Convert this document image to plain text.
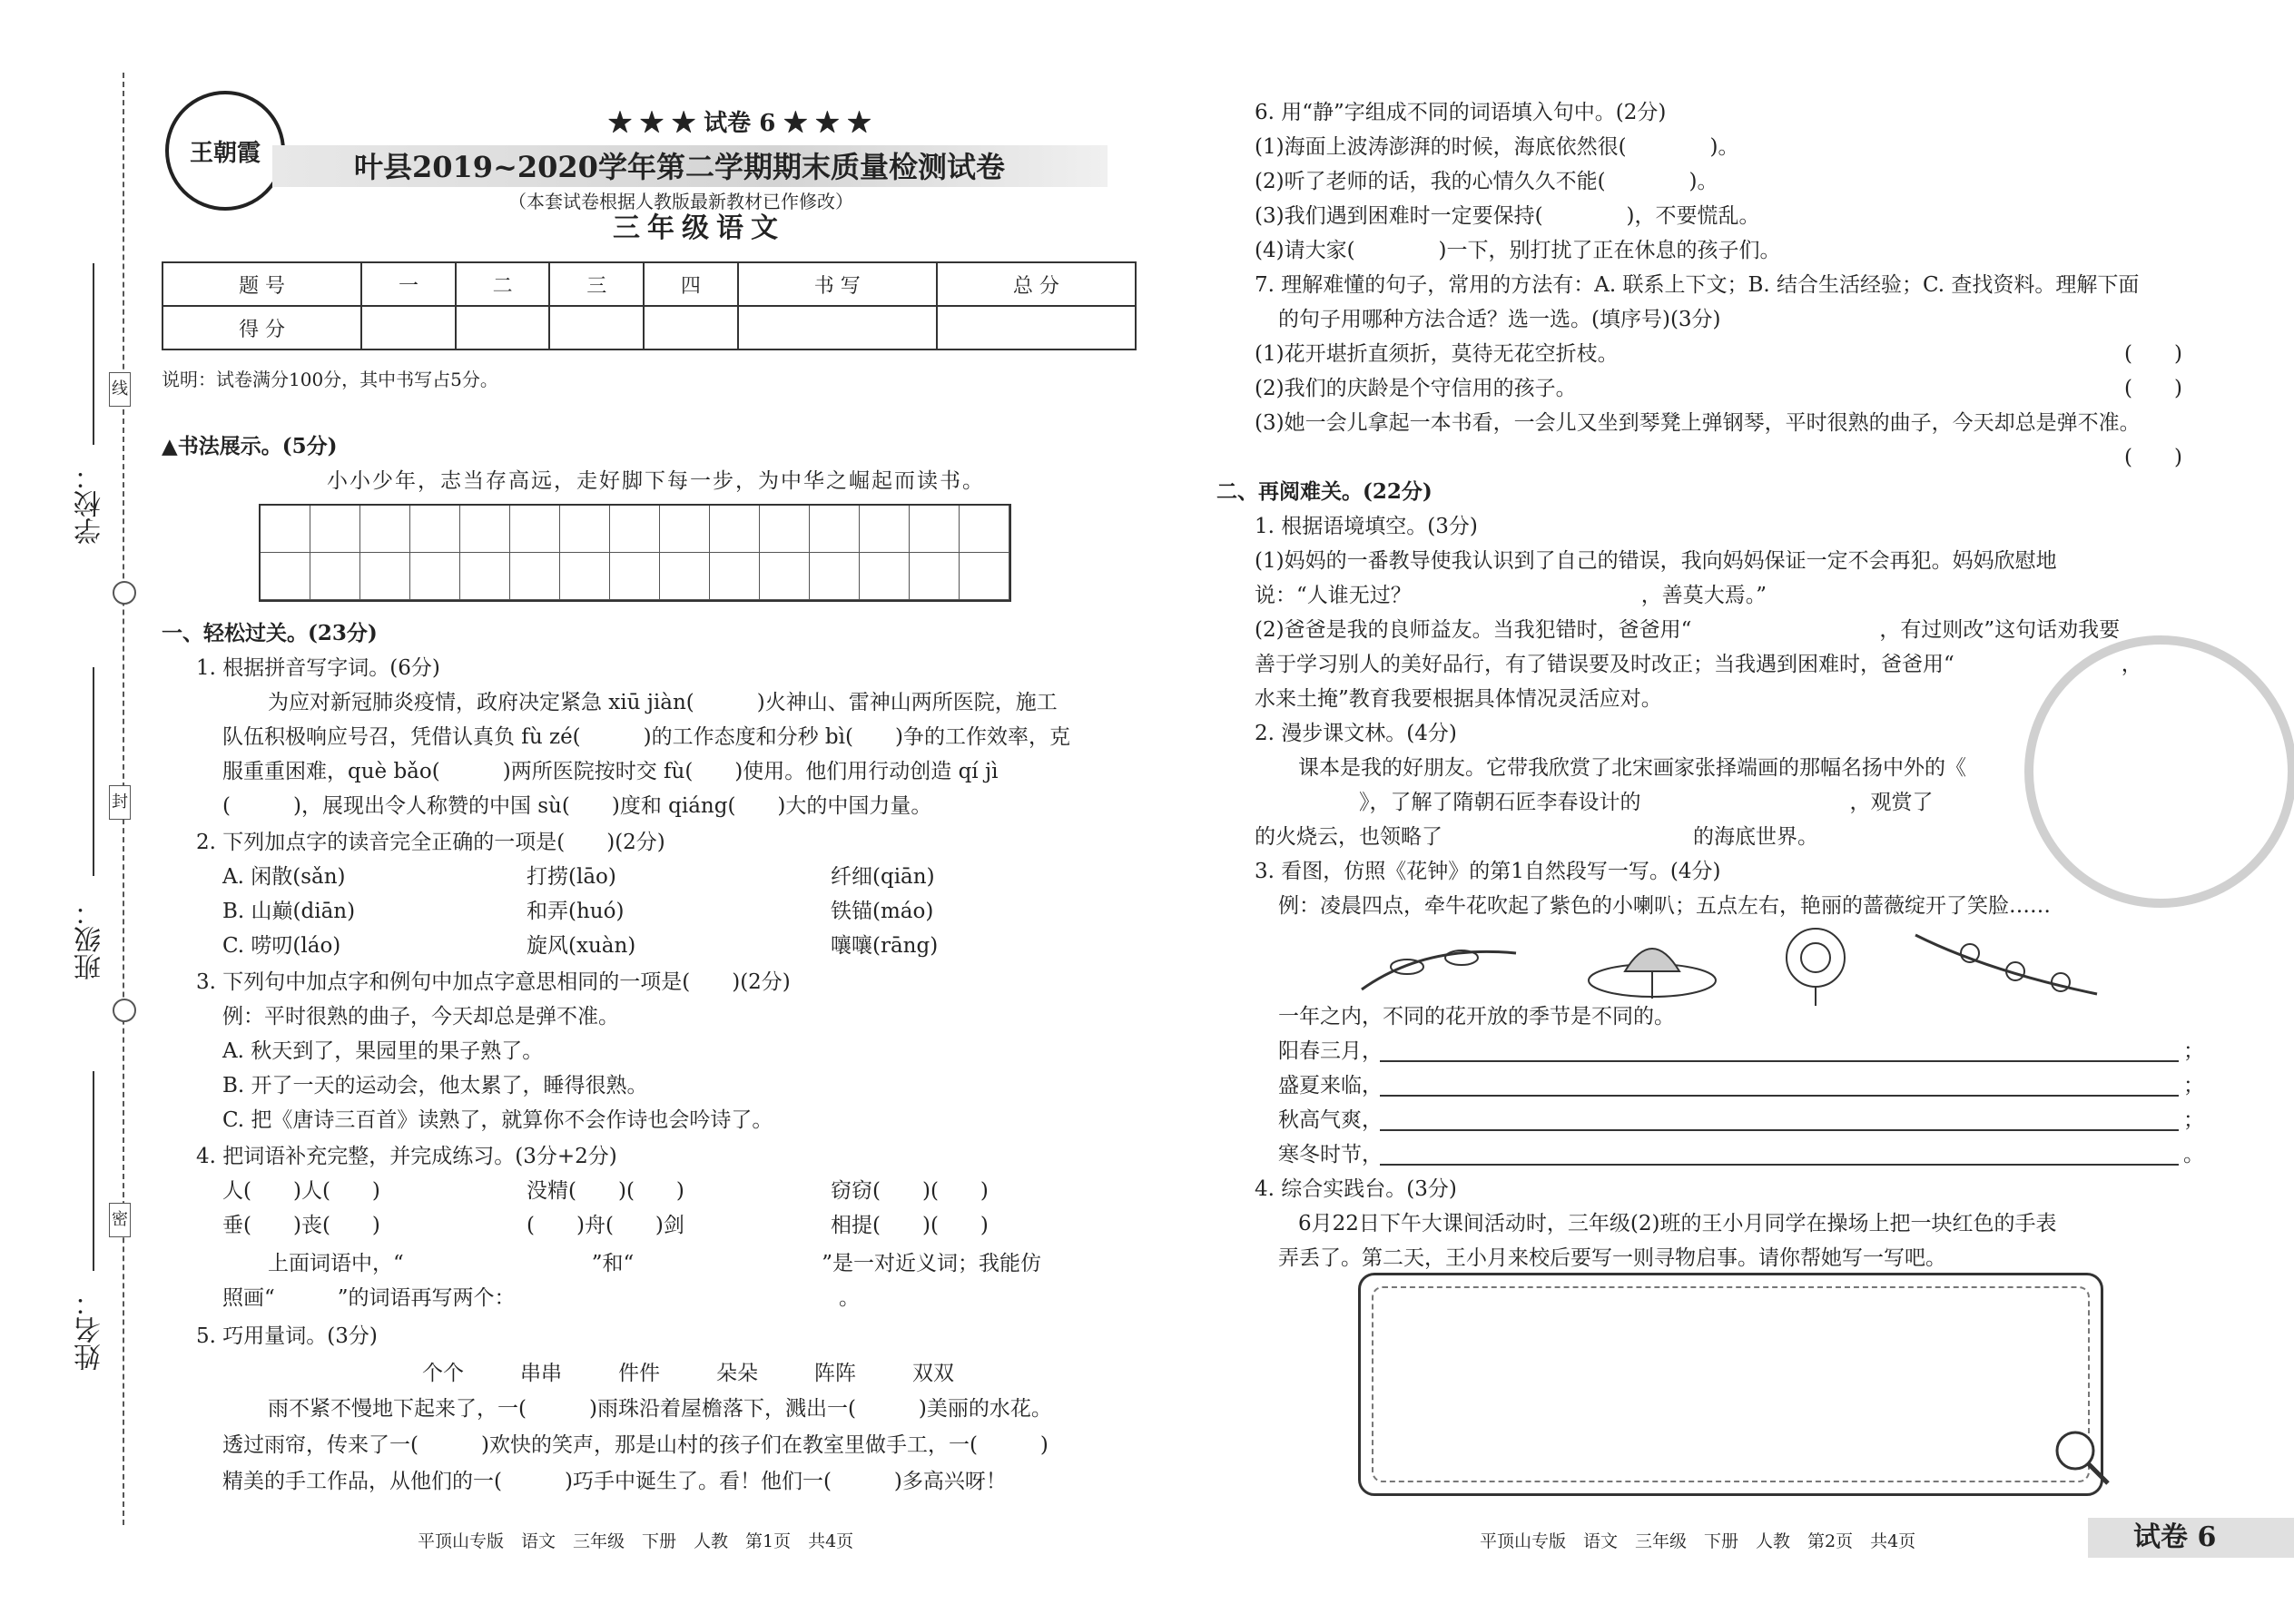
线
封
密
学校：
班级：
姓名：
王朝霞
★ ★ ★ 试卷 6 ★ ★ ★
叶县2019~2020学年第二学期期末质量检测试卷
（本套试卷根据人教版最新教材已作修改）
三年级语文
题 号	一	二	三	四	书 写	总 分
得 分						
说明：试卷满分100分，其中书写占5分。
▲书法展示。(5分)
小小少年，志当存高远，走好脚下每一步，为中华之崛起而读书。
一、轻松过关。(23分)
1. 根据拼音写字词。(6分)
为应对新冠肺炎疫情，政府决定紧急 xiū jiàn(　　　)火神山、雷神山两所医院，施工
队伍积极响应号召，凭借认真负 fù zé(　　　)的工作态度和分秒 bì(　　)争的工作效率，克
服重重困难，què bǎo(　　　)两所医院按时交 fù(　　)使用。他们用行动创造 qí jì
(　　　)，展现出令人称赞的中国 sù(　　)度和 qiáng(　　)大的中国力量。
2. 下列加点字的读音完全正确的一项是(　　)(2分)
A. 闲散(sǎn)	打捞(lāo)	纤细(qiān)
B. 山巅(diān)	和弄(huó)	铁锚(máo)
C. 唠叨(láo)	旋风(xuàn)	嚷嚷(rāng)
3. 下列句中加点字和例句中加点字意思相同的一项是(　　)(2分)
例：平时很熟的曲子，今天却总是弹不准。
A. 秋天到了，果园里的果子熟了。
B. 开了一天的运动会，他太累了，睡得很熟。
C. 把《唐诗三百首》读熟了，就算你不会作诗也会吟诗了。
4. 把词语补充完整，并完成练习。(3分+2分)
人(　　)人(　　)	没精(　　)(　　)	窃窃(　　)(　　)
垂(　　)丧(　　)	(　　)舟(　　)剑	相提(　　)(　　)
上面词语中，“　　　　　　　　　”和“　　　　　　　　　”是一对近义词；我能仿
照画“　　　”的词语再写两个：　　　　　　　　　　　　　　　　。
5. 巧用量词。(3分)
个个	串串	件件	朵朵	阵阵	双双
雨不紧不慢地下起来了，一(　　　)雨珠沿着屋檐落下，溅出一(　　　)美丽的水花。
透过雨帘，传来了一(　　　)欢快的笑声，那是山村的孩子们在教室里做手工，一(　　　)
精美的手工作品，从他们的一(　　　)巧手中诞生了。看！他们一(　　　)多高兴呀！
平顶山专版　语文　三年级　下册　人教　第1页　共4页
6. 用“静”字组成不同的词语填入句中。(2分)
(1)海面上波涛澎湃的时候，海底依然很(　　　　)。
(2)听了老师的话，我的心情久久不能(　　　　)。
(3)我们遇到困难时一定要保持(　　　　)，不要慌乱。
(4)请大家(　　　　)一下，别打扰了正在休息的孩子们。
7. 理解难懂的句子，常用的方法有：A. 联系上下文；B. 结合生活经验；C. 查找资料。理解下面
的句子用哪种方法合适？选一选。(填序号)(3分)
(1)花开堪折直须折，莫待无花空折枝。	(　　)
(2)我们的庆龄是个守信用的孩子。	(　　)
(3)她一会儿拿起一本书看，一会儿又坐到琴凳上弹钢琴，平时很熟的曲子，今天却总是弹不准。
(　　)
二、再阅难关。(22分)
1. 根据语境填空。(3分)
(1)妈妈的一番教导使我认识到了自己的错误，我向妈妈保证一定不会再犯。妈妈欣慰地
说：“人谁无过？　　　　　　　　　　　，善莫大焉。”
(2)爸爸是我的良师益友。当我犯错时，爸爸用“　　　　　　　　　，有过则改”这句话劝我要
善于学习别人的美好品行，有了错误要及时改正；当我遇到困难时，爸爸用“　　　　　　　　，
水来土掩”教育我要根据具体情况灵活应对。
2. 漫步课文林。(4分)
课本是我的好朋友。它带我欣赏了北宋画家张择端画的那幅名扬中外的《　　　　　　　　
　　　　　》，了解了隋朝石匠李春设计的　　　　　　　　　　，观赏了　　　　　　　　　　　　
的火烧云，也领略了　　　　　　　　　　　　的海底世界。
3. 看图，仿照《花钟》的第1自然段写一写。(4分)
例：凌晨四点，牵牛花吹起了紫色的小喇叭；五点左右，艳丽的蔷薇绽开了笑脸……
一年之内，不同的花开放的季节是不同的。
阳春三月，	；
盛夏来临，	；
秋高气爽，	；
寒冬时节，	。
4. 综合实践台。(3分)
6月22日下午大课间活动时，三年级(2)班的王小月同学在操场上把一块红色的手表
弄丢了。第二天，王小月来校后要写一则寻物启事。请你帮她写一写吧。
平顶山专版　语文　三年级　下册　人教　第2页　共4页	试卷 6
